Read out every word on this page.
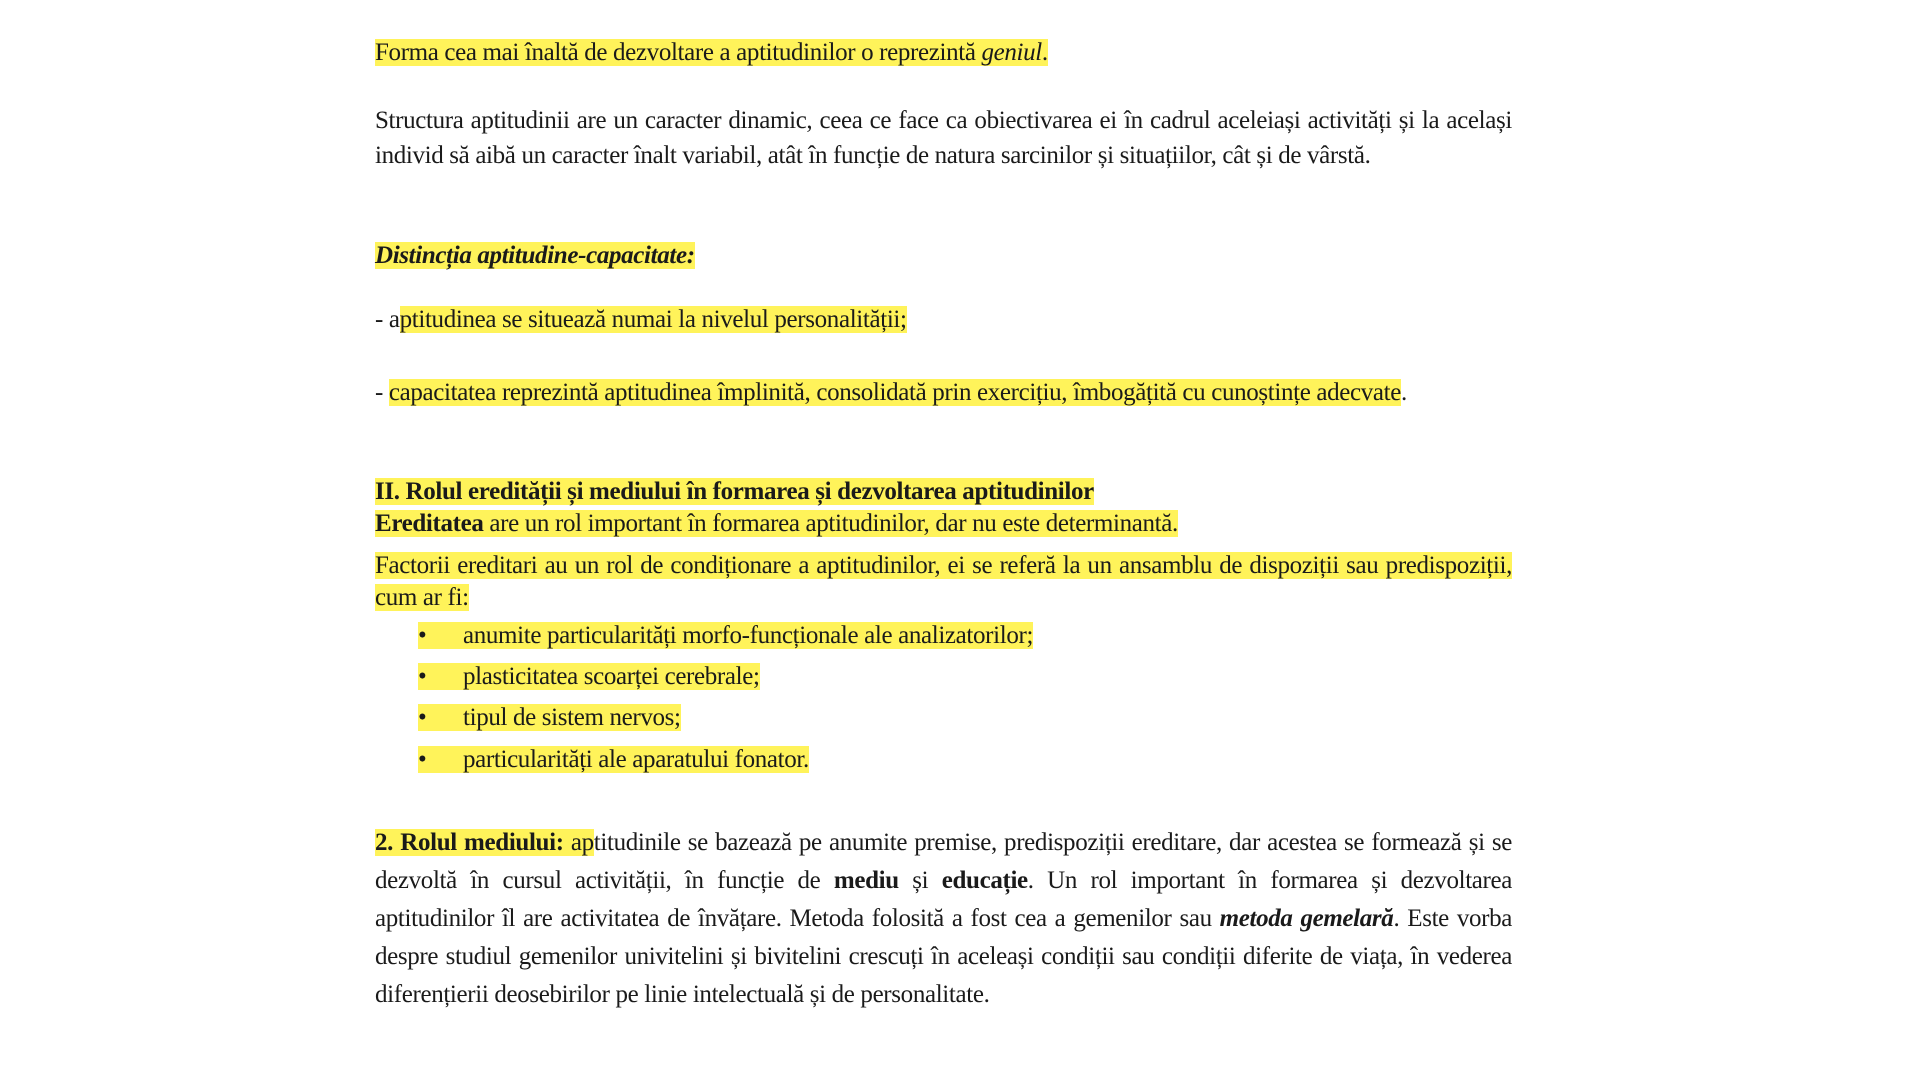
Forma cea mai înaltă de dezvoltare a aptitudinilor o reprezintă geniul.
Structura aptitudinii are un caracter dinamic, ceea ce face ca obiectivarea ei în cadrul aceleiași activități și la același individ să aibă un caracter înalt variabil, atât în funcție de natura sarcinilor și situațiilor, cât și de vârstă.
Distincția aptitudine-capacitate:
- aptitudinea se situează numai la nivelul personalității;
- capacitatea reprezintă aptitudinea împlinită, consolidată prin exercițiu, îmbogățită cu cunoștințe adecvate.
II. Rolul eredității și mediului în formarea și dezvoltarea aptitudinilor
Ereditatea are un rol important în formarea aptitudinilor, dar nu este determinantă.
Factorii ereditari au un rol de condiționare a aptitudinilor, ei se referă la un ansamblu de dispoziții sau predispoziții, cum ar fi:
• anumite particularități morfo-funcționale ale analizatorilor;
• plasticitatea scoarței cerebrale;
• tipul de sistem nervos;
• particularități ale aparatului fonator.
2. Rolul mediului: aptitudinile se bazează pe anumite premise, predispoziții ereditare, dar acestea se formează și se dezvoltă în cursul activității, în funcție de mediu și educație. Un rol important în formarea și dezvoltarea aptitudinilor îl are activitatea de învățare. Metoda folosită a fost cea a gemenilor sau metoda gemelară. Este vorba despre studiul gemenilor univitelini și bivitelini crescuți în aceleași condiții sau condiții diferite de viața, în vederea diferențierii deosebirilor pe linie intelectuală și de personalitate.
